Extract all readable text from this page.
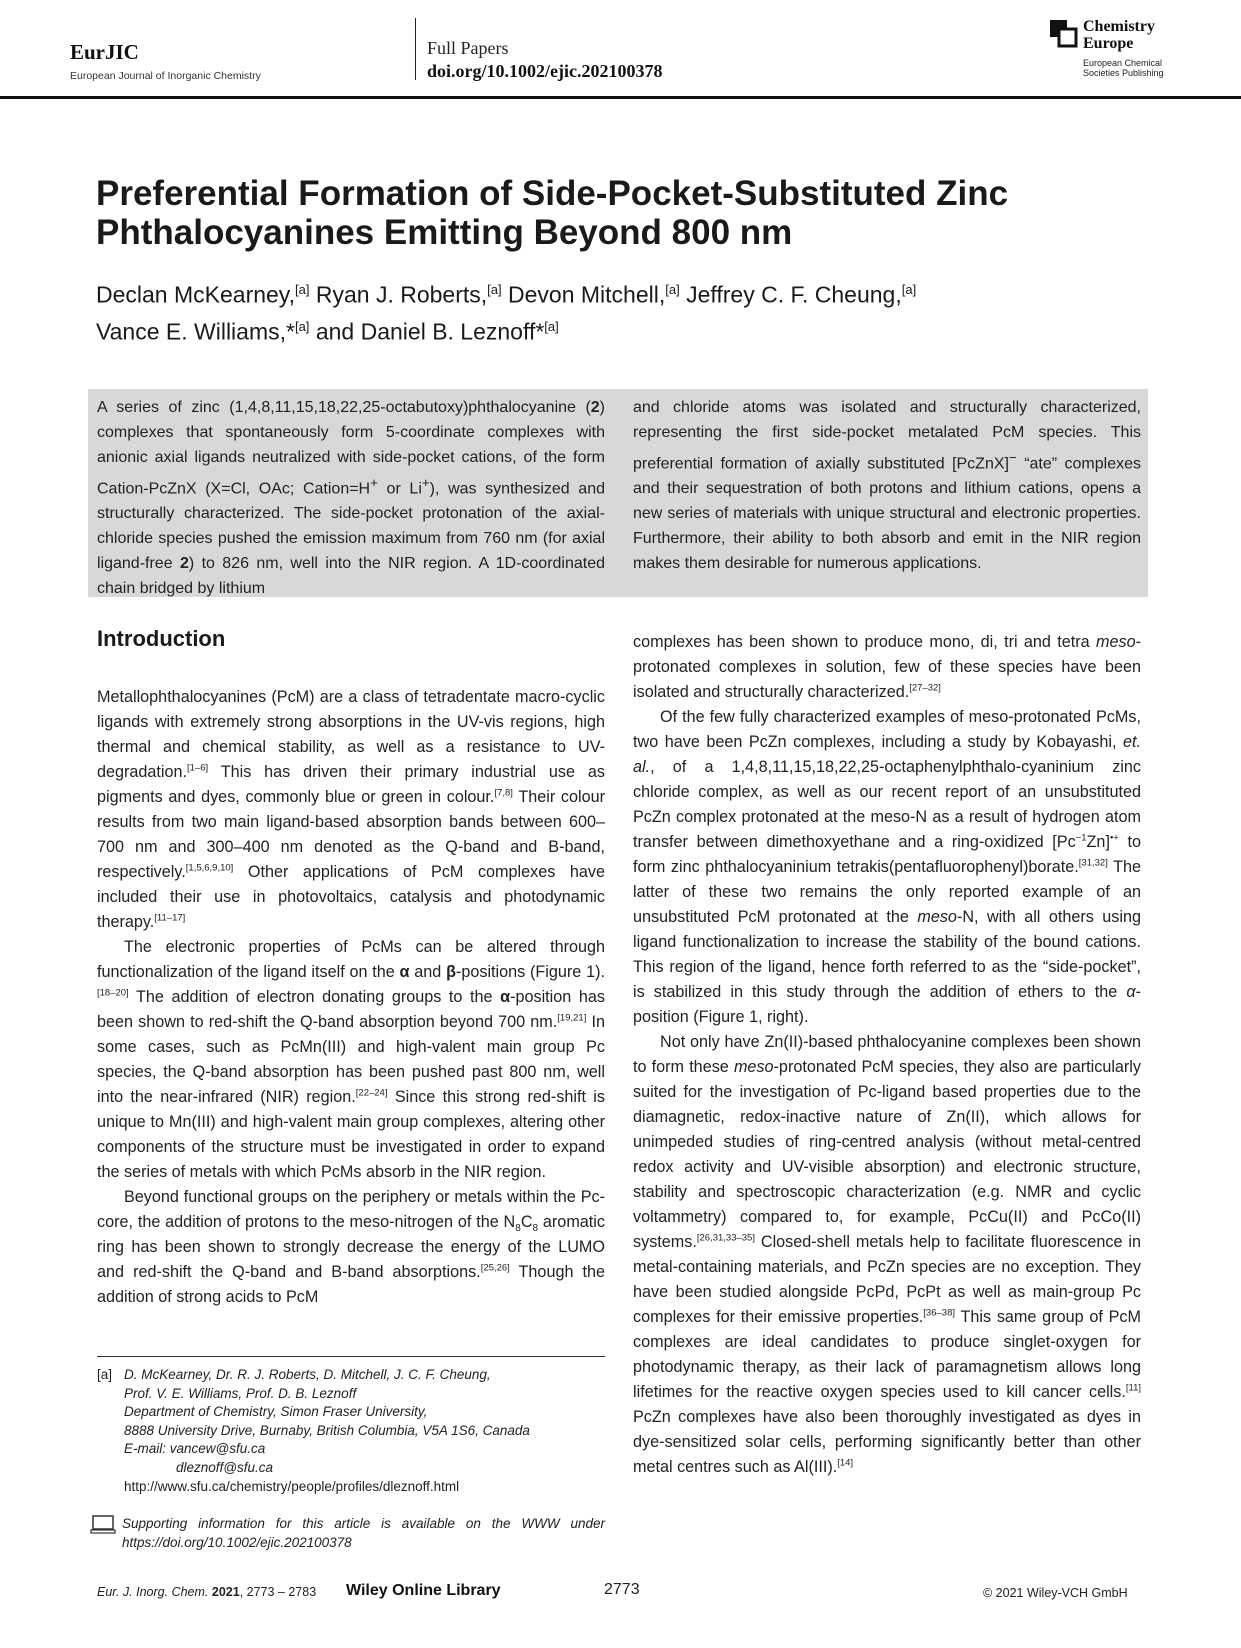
EurJIC
European Journal of Inorganic Chemistry
Full Papers
doi.org/10.1002/ejic.202100378
Chemistry
Europe
European Chemical
Societies Publishing
Preferential Formation of Side-Pocket-Substituted Zinc
Phthalocyanines Emitting Beyond 800 nm
Declan McKearney,[a] Ryan J. Roberts,[a] Devon Mitchell,[a] Jeffrey C. F. Cheung,[a]
Vance E. Williams,*[a] and Daniel B. Leznoff*[a]
A series of zinc (1,4,8,11,15,18,22,25-octabutoxy)phthalocyanine (2) complexes that spontaneously form 5-coordinate complexes with anionic axial ligands neutralized with side-pocket cations, of the form Cation-PcZnX (X=Cl, OAc; Cation=H+ or Li+), was synthesized and structurally characterized. The side-pocket protonation of the axial-chloride species pushed the emission maximum from 760 nm (for axial ligand-free 2) to 826 nm, well into the NIR region. A 1D-coordinated chain bridged by lithium
and chloride atoms was isolated and structurally characterized, representing the first side-pocket metalated PcM species. This preferential formation of axially substituted [PcZnX]− “ate” complexes and their sequestration of both protons and lithium cations, opens a new series of materials with unique structural and electronic properties. Furthermore, their ability to both absorb and emit in the NIR region makes them desirable for numerous applications.
Introduction

Metallophthalocyanines (PcM) are a class of tetradentate macro-cyclic ligands with extremely strong absorptions in the UV-vis regions, high thermal and chemical stability, as well as a resistance to UV-degradation.[1–6] This has driven their primary industrial use as pigments and dyes, commonly blue or green in colour.[7,8] Their colour results from two main ligand-based absorption bands between 600–700 nm and 300–400 nm denoted as the Q-band and B-band, respectively.[1,5,6,9,10] Other applications of PcM complexes have included their use in photovoltaics, catalysis and photodynamic therapy.[11–17]

The electronic properties of PcMs can be altered through functionalization of the ligand itself on the α and β-positions (Figure 1).[18–20] The addition of electron donating groups to the α-position has been shown to red-shift the Q-band absorption beyond 700 nm.[19,21] In some cases, such as PcMn(III) and high-valent main group Pc species, the Q-band absorption has been pushed past 800 nm, well into the near-infrared (NIR) region.[22–24] Since this strong red-shift is unique to Mn(III) and high-valent main group complexes, altering other components of the structure must be investigated in order to expand the series of metals with which PcMs absorb in the NIR region.

Beyond functional groups on the periphery or metals within the Pc-core, the addition of protons to the meso-nitrogen of the $N_8C_8$ aromatic ring has been shown to strongly decrease the energy of the LUMO and red-shift the Q-band and B-band absorptions.[25,26] Though the addition of strong acids to PcM

complexes has been shown to produce mono, di, tri and tetra meso-protonated complexes in solution, few of these species have been isolated and structurally characterized.[27–32]

Of the few fully characterized examples of meso-protonated PcMs, two have been PcZn complexes, including a study by Kobayashi, et. al., of a 1,4,8,11,15,18,22,25-octaphenylphthalo-cyaninium zinc chloride complex, as well as our recent report of an unsubstituted PcZn complex protonated at the meso-N as a result of hydrogen atom transfer between dimethoxyethane and a ring-oxidized $[Pc^{-1}Zn]^{•+}$ to form zinc phthalocyaninium tetrakis(pentafluorophenyl)borate.[31,32] The latter of these two remains the only reported example of an unsubstituted PcM protonated at the meso-N, with all others using ligand functionalization to increase the stability of the bound cations. This region of the ligand, hence forth referred to as the “side-pocket”, is stabilized in this study through the addition of ethers to the α-position (Figure 1, right).

Not only have Zn(II)-based phthalocyanine complexes been shown to form these meso-protonated PcM species, they also are particularly suited for the investigation of Pc-ligand based properties due to the diamagnetic, redox-inactive nature of Zn(II), which allows for unimpeded studies of ring-centred analysis (without metal-centred redox activity and UV-visible absorption) and electronic structure, stability and spectroscopic characterization (e.g. NMR and cyclic voltammetry) compared to, for example, PcCu(II) and PcCo(II) systems.[26,31,33–35] Closed-shell metals help to facilitate fluorescence in metal-containing materials, and PcZn species are no exception. They have been studied alongside PcPd, PcPt as well as main-group Pc complexes for their emissive properties.[36–38] This same group of PcM complexes are ideal candidates to produce singlet-oxygen for photodynamic therapy, as their lack of paramagnetism allows long lifetimes for the reactive oxygen species used to kill cancer cells.[11] PcZn complexes have also been thoroughly investigated as dyes in dye-sensitized solar cells, performing significantly better than other metal centres such as Al(III).[14]

[a] D. McKearney, Dr. R. J. Roberts, D. Mitchell, J. C. F. Cheung,
Prof. V. E. Williams, Prof. D. B. Leznoff
Department of Chemistry, Simon Fraser University,
8888 University Drive, Burnaby, British Columbia, V5A 1S6, Canada
E-mail: vancew@sfu.ca
dleznoff@sfu.ca
http://www.sfu.ca/chemistry/people/profiles/dleznoff.html
Supporting information for this article is available on the WWW under https://doi.org/10.1002/ejic.202100378
Eur. J. Inorg. Chem. 2021, 2773 – 2783 Wiley Online Library	2773	© 2021 Wiley-VCH GmbH
